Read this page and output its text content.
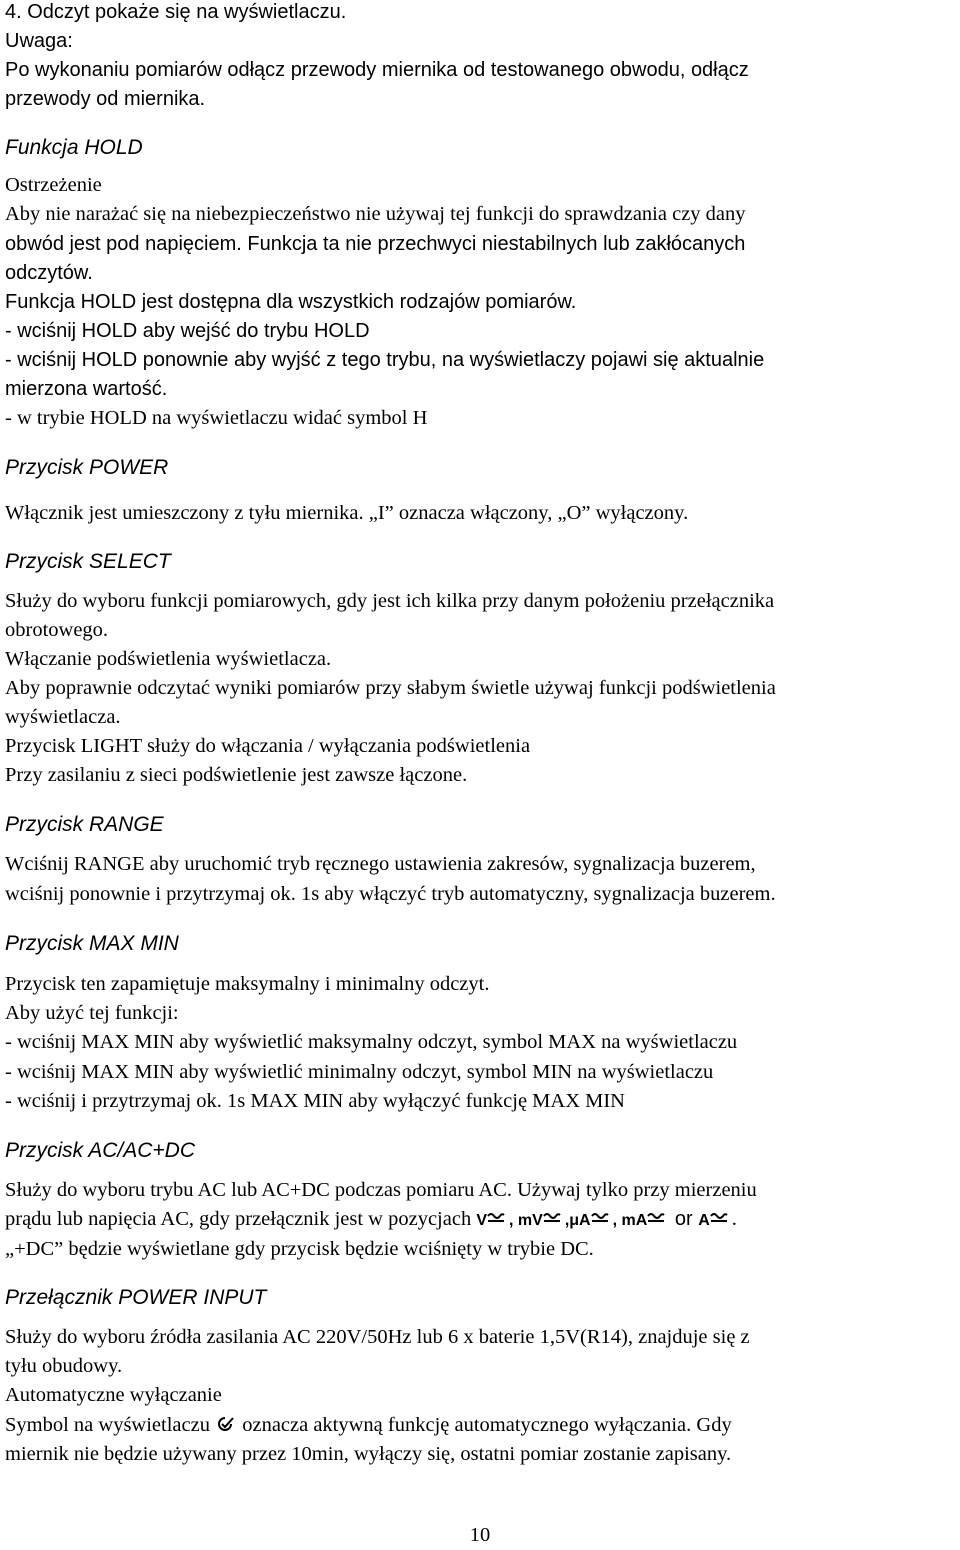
4. Odczyt pokaże się na wyświetlaczu.
Uwaga:
Po wykonaniu pomiarów odłącz przewody miernika od testowanego obwodu, odłącz
przewody od miernika.
Funkcja HOLD
Ostrzeżenie
Aby nie narażać się na niebezpieczeństwo nie używaj tej funkcji do sprawdzania czy dany
obwód jest pod napięciem. Funkcja ta nie przechwyci niestabilnych lub zakłócanych
odczytów.
Funkcja HOLD jest dostępna dla wszystkich rodzajów pomiarów.
- wciśnij HOLD aby wejść do trybu HOLD
- wciśnij HOLD ponownie aby wyjść z tego trybu, na wyświetlaczy pojawi się aktualnie
mierzona wartość.
- w trybie HOLD na wyświetlaczu widać symbol H
Przycisk POWER
Włącznik jest umieszczony z tyłu miernika. „I” oznacza włączony, „O” wyłączony.
Przycisk SELECT
Służy do wyboru funkcji pomiarowych, gdy jest ich kilka przy danym położeniu przełącznika
obrotowego.
Włączanie podświetlenia wyświetlacza.
Aby poprawnie odczytać wyniki pomiarów przy słabym świetle używaj funkcji podświetlenia
wyświetlacza.
Przycisk LIGHT służy do włączania / wyłączania podświetlenia
Przy zasilaniu z sieci podświetlenie jest zawsze łączone.
Przycisk RANGE
Wciśnij RANGE aby uruchomić tryb ręcznego ustawienia zakresów, sygnalizacja buzerem,
wciśnij ponownie i przytrzymaj ok. 1s aby włączyć tryb automatyczny, sygnalizacja buzerem.
Przycisk MAX MIN
Przycisk ten zapamiętuje maksymalny i minimalny odczyt.
Aby użyć tej funkcji:
- wciśnij MAX MIN aby wyświetlić maksymalny odczyt, symbol MAX na wyświetlaczu
- wciśnij MAX MIN aby wyświetlić minimalny odczyt, symbol MIN na wyświetlaczu
- wciśnij i przytrzymaj ok. 1s MAX MIN aby wyłączyć funkcję MAX MIN
Przycisk AC/AC+DC
Służy do wyboru trybu AC lub AC+DC podczas pomiaru AC. Używaj tylko przy mierzeniu
„+DC” będzie wyświetlane gdy przycisk będzie wciśnięty w trybie DC.
Przełącznik POWER INPUT
Służy do wyboru źródła zasilania AC 220V/50Hz lub 6 x baterie 1,5V(R14), znajduje się z
tyłu obudowy.
Automatyczne wyłączanie
prądu lub napięcia AC, gdy przełącznik jest w pozycjach V , mV ,μA , mA
or A .
Symbol na wyświetlaczu
oznacza aktywną funkcję automatycznego wyłączania. Gdy
miernik nie będzie używany przez 10min, wyłączy się, ostatni pomiar zostanie zapisany.
10
